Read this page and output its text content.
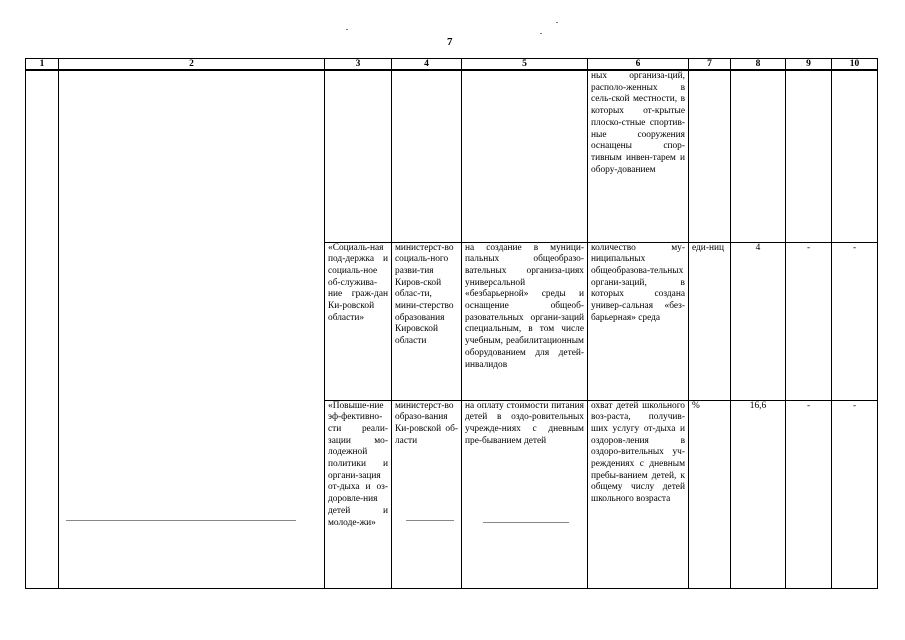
7
1	2	3	4	5	6	7	8	9	10
					ных организа-ций, располо-женных в сель-ской местности, в которых от-крытые плоско-стные спортив-ные сооружения оснащены спор-тивным инвен-тарем и обору-дованием				
		«Социаль-ная под-держка и социаль-ное об-служива-ние граж-дан Ки-ровской области»	министерст-во социаль-ного разви-тия Киров-ской облас-ти, мини-стерство образования Кировской области	на создание в муници-пальных общеобразо-вательных организа-циях универсальной «безбарьерной» среды и оснащение общеоб-разовательных органи-заций специальным, в том числе учебным, реабилитационным оборудованием для детей-инвалидов	количество му-ниципальных общеобразова-тельных органи-заций, в которых создана универ-сальная «без-барьерная» среда	еди-ниц	4	-	-
		«Повыше-ние эф-фективно-сти реали-зации мо-лодежной политики и органи-зация от-дыха и оз-доровле-ния детей и молоде-жи»	министерст-во образо-вания Ки-ровской об-ласти	на оплату стоимости питания детей в оздо-ровительных учрежде-ниях с дневным пре-быванием детей	охват детей школьного воз-раста, получив-ших услугу от-дыха и оздоров-ления в оздоро-вительных уч-реждениях с дневным пребы-ванием детей, к общему числу детей школьного возраста	%	16,6	-	-
